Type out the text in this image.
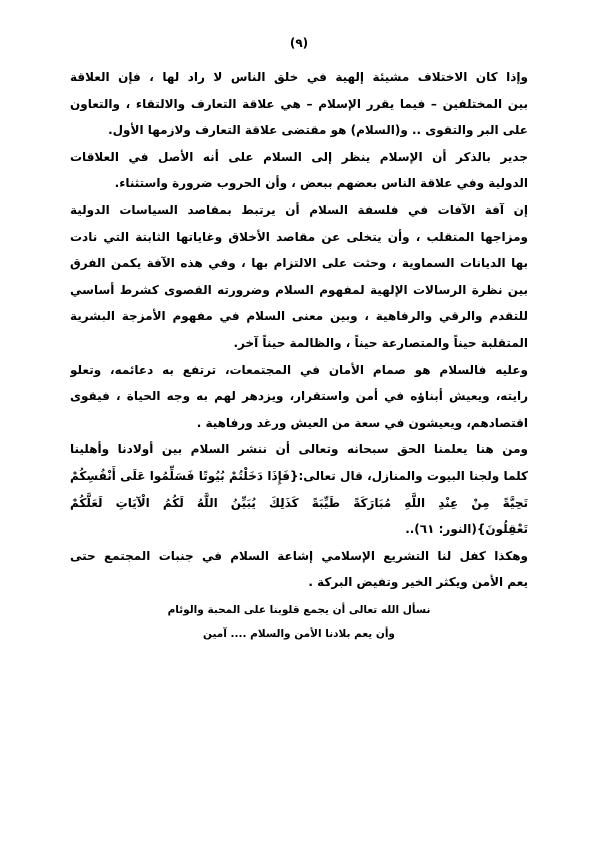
(٩)
وإذا كان الاختلاف مشيئة إلهية في خلق الناس لا راد لها ، فإن العلاقة
بين المختلفين – فيما يقرر الإسلام – هي علاقة التعارف والالتقاء ، والتعاون
على البر والتقوى .. و(السلام) هو مقتضى علاقة التعارف ولازمها الأول.
جدير بالذكر أن الإسلام ينظر إلى السلام على أنه الأصل في العلاقات
الدولية وفي علاقة الناس بعضهم ببعض ، وأن الحروب ضرورة واستثناء.
إن آفة الآفات في فلسفة السلام أن يرتبط بمقاصد السياسات الدولية
ومزاجها المتقلب ، وأن يتخلى عن مقاصد الأخلاق وغاياتها الثابتة التي نادت
بها الديانات السماوية ، وحثت على الالتزام بها ، وفي هذه الآفة يكمن الفرق
بين نظرة الرسالات الإلهية لمفهوم السلام وضرورته القصوى كشرط أساسي
للتقدم والرقي والرفاهية ، وبين معنى السلام في مفهوم الأمزجة البشرية
المتقلبة حيناً والمتصارعة حيناً ، والظالمة حيناً آخر.
وعليه فالسلام هو صمام الأمان في المجتمعات، ترتفع به دعائمه، وتعلو
رايته، ويعيش أبناؤه في أمن واستقرار، ويزدهر لهم به وجه الحياة ، فيقوى
اقتصادهم، ويعيشون في سعة من العيش ورغد ورفاهية .
ومن هنا يعلمنا الحق سبحانه وتعالى أن ننشر السلام بين أولادنا وأهلينا
كلما ولجنا البيوت والمنازل، قال تعالى:{فَإِذَا دَخَلْتُمْ بُيُوتًا فَسَلِّمُوا عَلَى أَنْفُسِكُمْ
تَحِيَّةً مِنْ عِنْدِ اللَّهِ مُبَارَكَةً طَيِّبَةً كَذَلِكَ يُبَيِّنُ اللَّهُ لَكُمُ الْآيَاتِ لَعَلَّكُمْ
تَعْقِلُونَ}(النور: ٦١)..
وهكذا كفل لنا التشريع الإسلامي إشاعة السلام في جنبات المجتمع حتى
يعم الأمن ويكثر الخير وتفيض البركة .
نسأل الله تعالى أن يجمع قلوبنا على المحبة والوئام
وأن يعم بلادنا الأمن والسلام .... آمين
